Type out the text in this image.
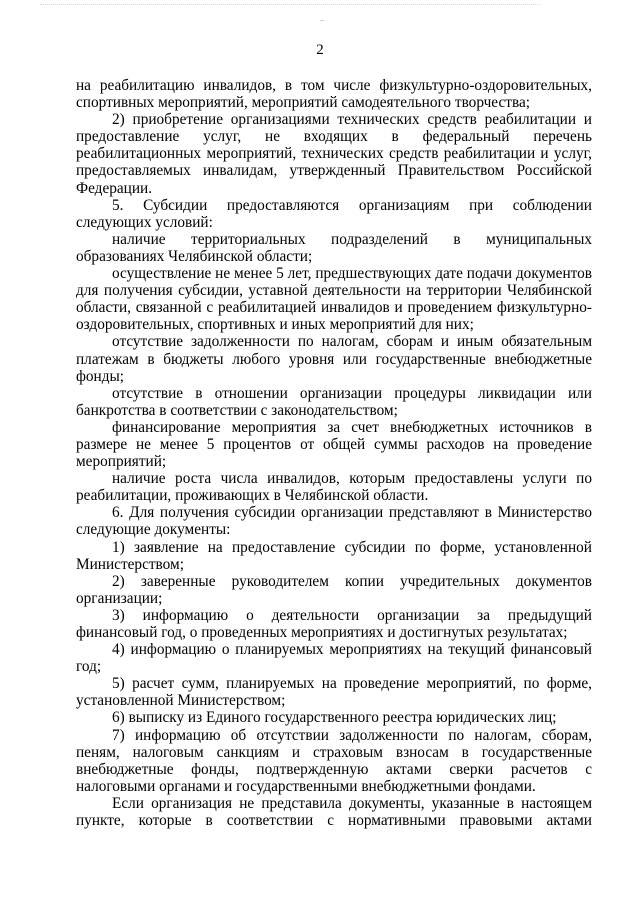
2

на реабилитацию инвалидов, в том числе физкультурно-оздоровительных, спортивных мероприятий, мероприятий самодеятельного творчества;

2) приобретение организациями технических средств реабилитации и предоставление услуг, не входящих в федеральный перечень реабилитационных мероприятий, технических средств реабилитации и услуг, предоставляемых инвалидам, утвержденный Правительством Российской Федерации.

5. Субсидии предоставляются организациям при соблюдении следующих условий:

наличие территориальных подразделений в муниципальных образованиях Челябинской области;

осуществление не менее 5 лет, предшествующих дате подачи документов для получения субсидии, уставной деятельности на территории Челябинской области, связанной с реабилитацией инвалидов и проведением физкультурно-оздоровительных, спортивных и иных мероприятий для них;

отсутствие задолженности по налогам, сборам и иным обязательным платежам в бюджеты любого уровня или государственные внебюджетные фонды;

отсутствие в отношении организации процедуры ликвидации или банкротства в соответствии с законодательством;

финансирование мероприятия за счет внебюджетных источников в размере не менее 5 процентов от общей суммы расходов на проведение мероприятий;

наличие роста числа инвалидов, которым предоставлены услуги по реабилитации, проживающих в Челябинской области.

6. Для получения субсидии организации представляют в Министерство следующие документы:

1) заявление на предоставление субсидии по форме, установленной Министерством;

2) заверенные руководителем копии учредительных документов организации;

3) информацию о деятельности организации за предыдущий финансовый год, о проведенных мероприятиях и достигнутых результатах;

4) информацию о планируемых мероприятиях на текущий финансовый год;

5) расчет сумм, планируемых на проведение мероприятий, по форме, установленной Министерством;

6) выписку из Единого государственного реестра юридических лиц;

7) информацию об отсутствии задолженности по налогам, сборам, пеням, налоговым санкциям и страховым взносам в государственные внебюджетные фонды, подтвержденную актами сверки расчетов с налоговыми органами и государственными внебюджетными фондами.

Если организация не представила документы, указанные в настоящем пункте, которые в соответствии с нормативными правовыми актами
